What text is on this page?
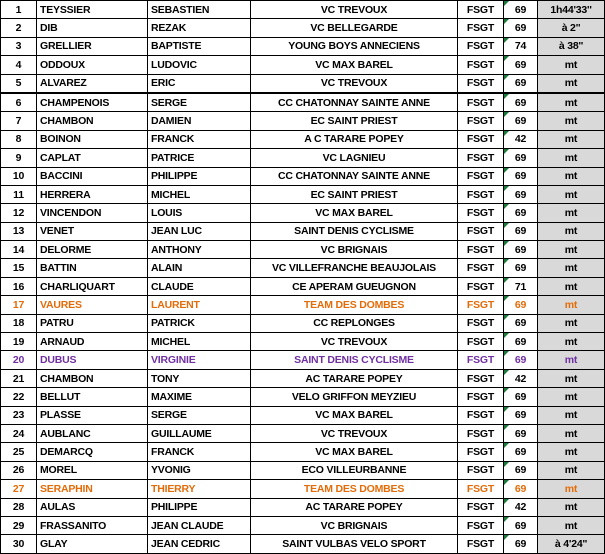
1	TEYSSIER	SEBASTIEN	VC TREVOUX	FSGT	69	1h44'33''
2	DIB	REZAK	VC BELLEGARDE	FSGT	69	à 2''
3	GRELLIER	BAPTISTE	YOUNG BOYS ANNECIENS	FSGT	74	à 38''
4	ODDOUX	LUDOVIC	VC MAX BAREL	FSGT	69	mt
5	ALVAREZ	ERIC	VC TREVOUX	FSGT	69	mt
6	CHAMPENOIS	SERGE	CC CHATONNAY SAINTE ANNE	FSGT	69	mt
7	CHAMBON	DAMIEN	EC SAINT PRIEST	FSGT	69	mt
8	BOINON	FRANCK	A C TARARE POPEY	FSGT	42	mt
9	CAPLAT	PATRICE	VC LAGNIEU	FSGT	69	mt
10	BACCINI	PHILIPPE	CC CHATONNAY SAINTE ANNE	FSGT	69	mt
11	HERRERA	MICHEL	EC SAINT PRIEST	FSGT	69	mt
12	VINCENDON	LOUIS	VC MAX BAREL	FSGT	69	mt
13	VENET	JEAN LUC	SAINT DENIS CYCLISME	FSGT	69	mt
14	DELORME	ANTHONY	VC BRIGNAIS	FSGT	69	mt
15	BATTIN	ALAIN	VC VILLEFRANCHE BEAUJOLAIS	FSGT	69	mt
16	CHARLIQUART	CLAUDE	CE APERAM GUEUGNON	FSGT	71	mt
17	VAURES	LAURENT	TEAM DES DOMBES	FSGT	69	mt
18	PATRU	PATRICK	CC REPLONGES	FSGT	69	mt
19	ARNAUD	MICHEL	VC TREVOUX	FSGT	69	mt
20	DUBUS	VIRGINIE	SAINT DENIS CYCLISME	FSGT	69	mt
21	CHAMBON	TONY	AC TARARE POPEY	FSGT	42	mt
22	BELLUT	MAXIME	VELO GRIFFON MEYZIEU	FSGT	69	mt
23	PLASSE	SERGE	VC MAX BAREL	FSGT	69	mt
24	AUBLANC	GUILLAUME	VC TREVOUX	FSGT	69	mt
25	DEMARCQ	FRANCK	VC MAX BAREL	FSGT	69	mt
26	MOREL	YVONIG	ECO VILLEURBANNE	FSGT	69	mt
27	SERAPHIN	THIERRY	TEAM DES DOMBES	FSGT	69	mt
28	AULAS	PHILIPPE	AC TARARE POPEY	FSGT	42	mt
29	FRASSANITO	JEAN CLAUDE	VC BRIGNAIS	FSGT	69	mt
30	GLAY	JEAN CEDRIC	SAINT VULBAS VELO SPORT	FSGT	69	à 4'24''
